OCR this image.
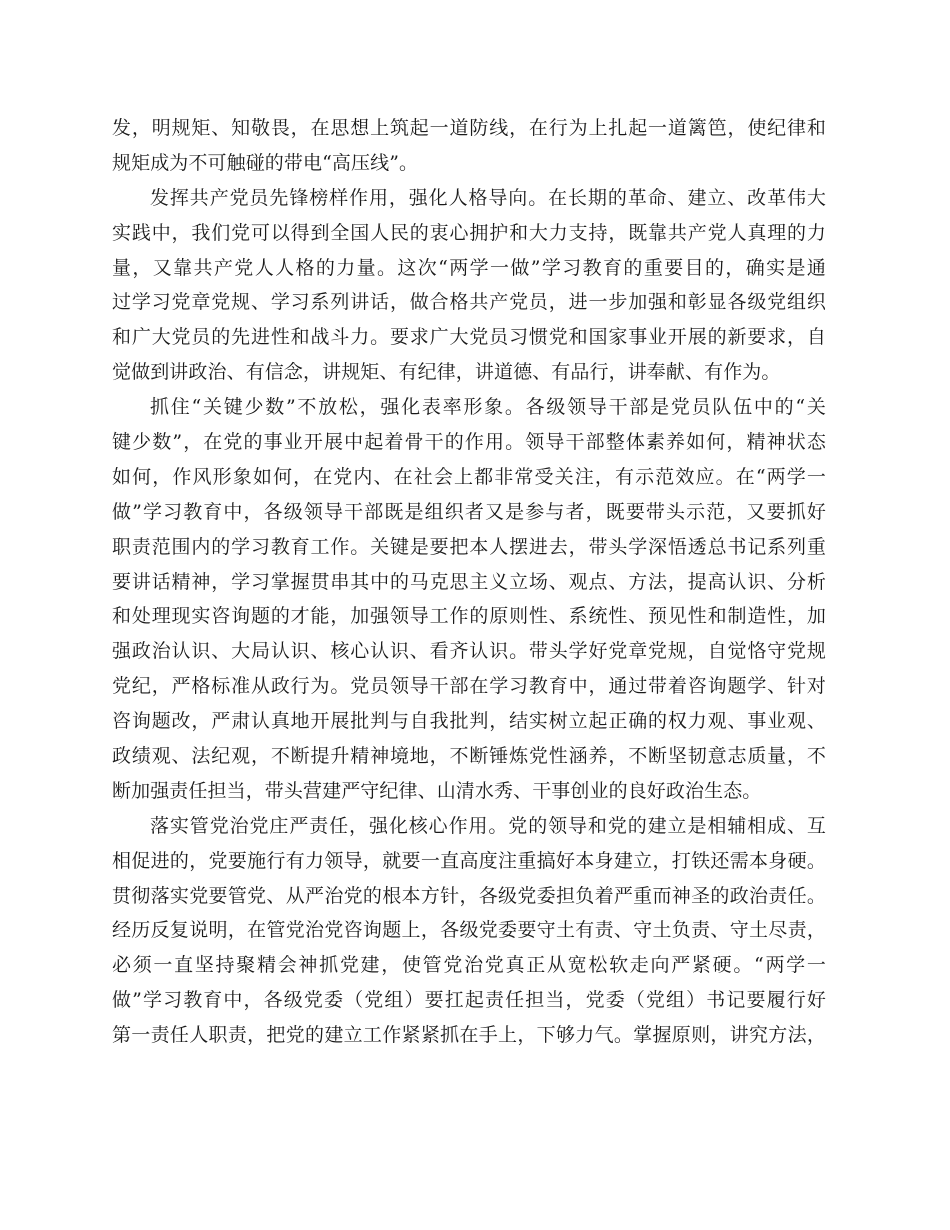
发，明规矩、知敬畏，在思想上筑起一道防线，在行为上扎起一道篱笆，使纪律和
规矩成为不可触碰的带电“高压线”。
发挥共产党员先锋榜样作用，强化人格导向。在长期的革命、建立、改革伟大
实践中，我们党可以得到全国人民的衷心拥护和大力支持，既靠共产党人真理的力
量，又靠共产党人人格的力量。这次“两学一做”学习教育的重要目的，确实是通
过学习党章党规、学习系列讲话，做合格共产党员，进一步加强和彰显各级党组织
和广大党员的先进性和战斗力。要求广大党员习惯党和国家事业开展的新要求，自
觉做到讲政治、有信念，讲规矩、有纪律，讲道德、有品行，讲奉献、有作为。
抓住“关键少数”不放松，强化表率形象。各级领导干部是党员队伍中的“关
键少数”，在党的事业开展中起着骨干的作用。领导干部整体素养如何，精神状态
如何，作风形象如何，在党内、在社会上都非常受关注，有示范效应。在“两学一
做”学习教育中，各级领导干部既是组织者又是参与者，既要带头示范，又要抓好
职责范围内的学习教育工作。关键是要把本人摆进去，带头学深悟透总书记系列重
要讲话精神，学习掌握贯串其中的马克思主义立场、观点、方法，提高认识、分析
和处理现实咨询题的才能，加强领导工作的原则性、系统性、预见性和制造性，加
强政治认识、大局认识、核心认识、看齐认识。带头学好党章党规，自觉恪守党规
党纪，严格标准从政行为。党员领导干部在学习教育中，通过带着咨询题学、针对
咨询题改，严肃认真地开展批判与自我批判，结实树立起正确的权力观、事业观、
政绩观、法纪观，不断提升精神境地，不断锤炼党性涵养，不断坚韧意志质量，不
断加强责任担当，带头营建严守纪律、山清水秀、干事创业的良好政治生态。
落实管党治党庄严责任，强化核心作用。党的领导和党的建立是相辅相成、互
相促进的，党要施行有力领导，就要一直高度注重搞好本身建立，打铁还需本身硬。
贯彻落实党要管党、从严治党的根本方针，各级党委担负着严重而神圣的政治责任。
经历反复说明，在管党治党咨询题上，各级党委要守土有责、守土负责、守土尽责，
必须一直坚持聚精会神抓党建，使管党治党真正从宽松软走向严紧硬。“两学一
做”学习教育中，各级党委（党组）要扛起责任担当，党委（党组）书记要履行好
第一责任人职责，把党的建立工作紧紧抓在手上，下够力气。掌握原则，讲究方法，
